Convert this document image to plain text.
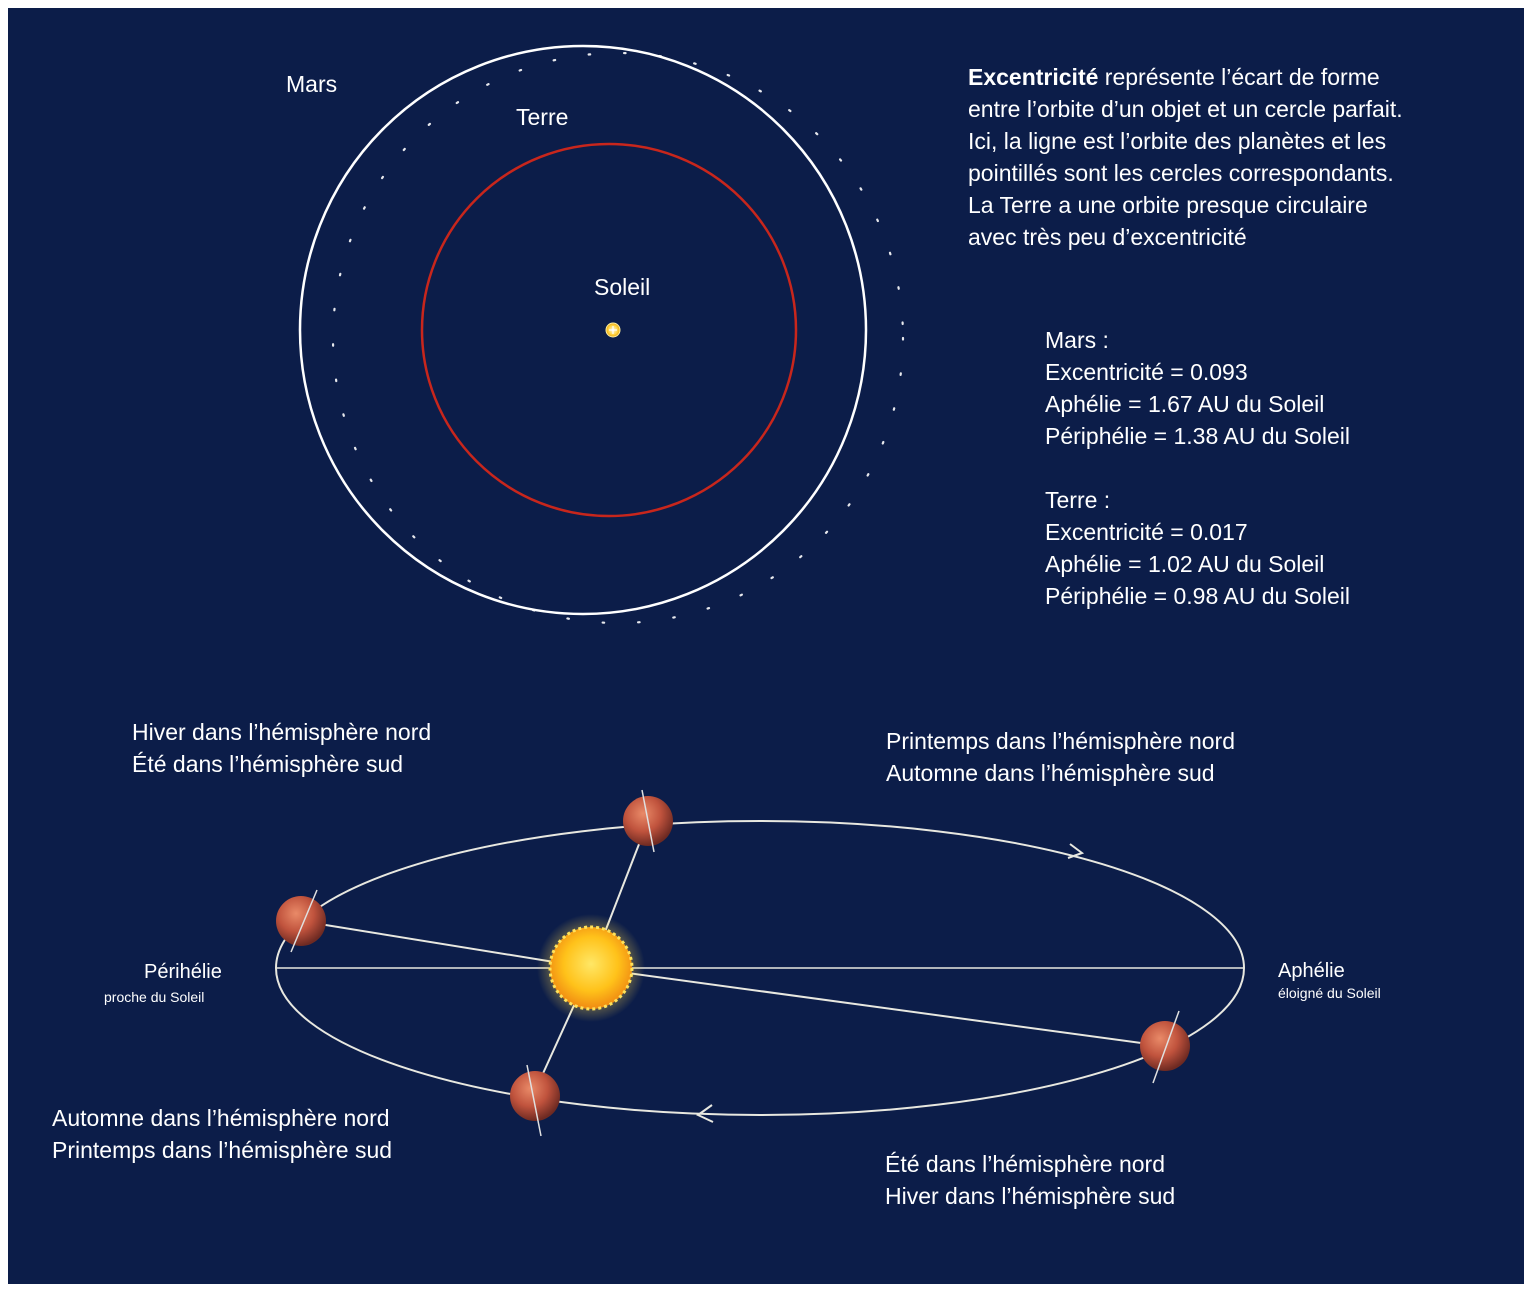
Mars
Terre
Soleil
Excentricité représente l’écart de forme
entre l’orbite d’un objet et un cercle parfait.
Ici, la ligne est l’orbite des planètes et les
pointillés sont les cercles correspondants.
La Terre a une orbite presque circulaire
avec très peu d’excentricité
Mars :
Excentricité = 0.093
Aphélie = 1.67 AU du Soleil
Périphélie = 1.38 AU du Soleil
Terre :
Excentricité = 0.017
Aphélie = 1.02 AU du Soleil
Périphélie = 0.98 AU du Soleil
Hiver dans l’hémisphère nord
Été dans l’hémisphère sud
Printemps dans l’hémisphère nord
Automne dans l’hémisphère sud
Automne dans l’hémisphère nord
Printemps dans l’hémisphère sud
Été dans l’hémisphère nord
Hiver dans l’hémisphère sud
Périhélie
proche du Soleil
Aphélie
éloigné du Soleil
